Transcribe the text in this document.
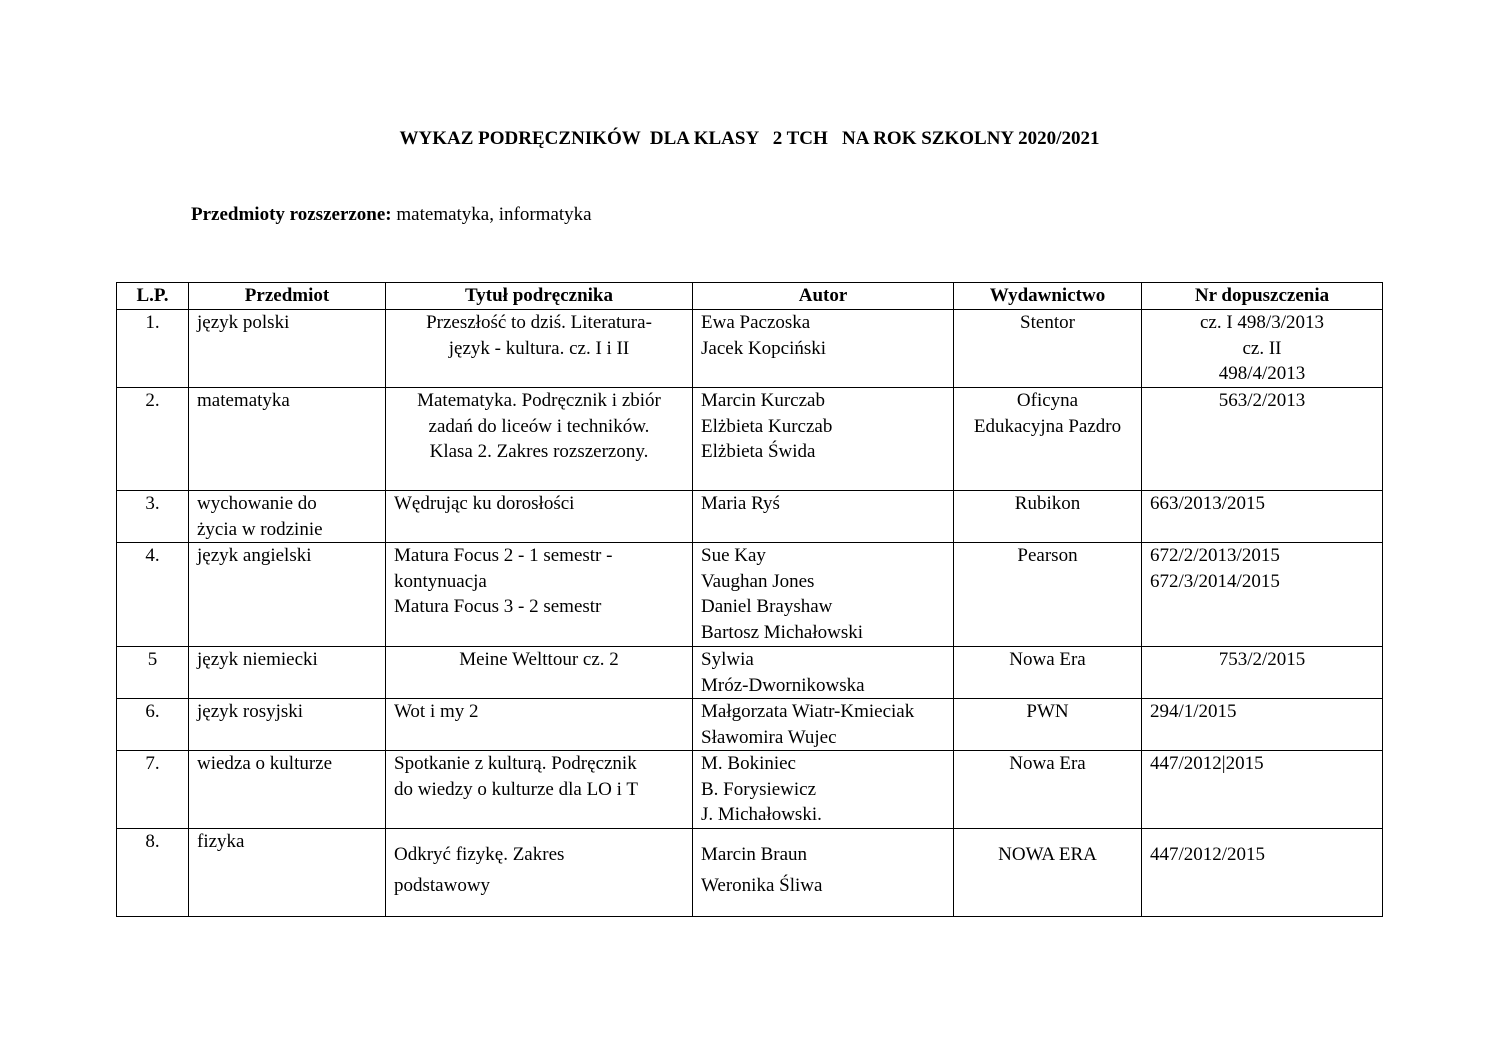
WYKAZ PODRĘCZNIKÓW  DLA KLASY   2 TCH   NA ROK SZKOLNY 2020/2021
Przedmioty rozszerzone: matematyka, informatyka
L.P.	Przedmiot	Tytuł podręcznika	Autor	Wydawnictwo	Nr dopuszczenia
1.	język polski	Przeszłość to dziś. Literatura-
język - kultura. cz. I i II	Ewa Paczoska
Jacek Kopciński	Stentor	cz. I 498/3/2013
cz. II
498/4/2013

2.	matematyka	Matematyka. Podręcznik i zbiór
zadań do liceów i techników.
Klasa 2. Zakres rozszerzony.	Marcin Kurczab
Elżbieta Kurczab
Elżbieta Świda	Oficyna
Edukacyjna Pazdro	563/2/2013

3.	wychowanie do
życia w rodzinie	Wędrując ku dorosłości	Maria Ryś	Rubikon	663/2013/2015

4.	język angielski	Matura Focus 2 - 1 semestr -
kontynuacja
Matura Focus 3 - 2 semestr	Sue Kay
Vaughan Jones
Daniel Brayshaw
Bartosz Michałowski	Pearson	672/2/2013/2015
672/3/2014/2015

5	język niemiecki	Meine Welttour cz. 2	Sylwia
Mróz-Dwornikowska	Nowa Era	753/2/2015

6.	język rosyjski	Wot i my 2	Małgorzata Wiatr-Kmieciak
Sławomira Wujec	PWN	294/1/2015

7.	wiedza o kulturze	Spotkanie z kulturą. Podręcznik
do wiedzy o kulturze dla LO i T	M. Bokiniec
B. Forysiewicz
J. Michałowski.	Nowa Era	447/2012|2015

8.	fizyka	Odkryć fizykę. Zakres
podstawowy	Marcin Braun
Weronika Śliwa	NOWA ERA	447/2012/2015
